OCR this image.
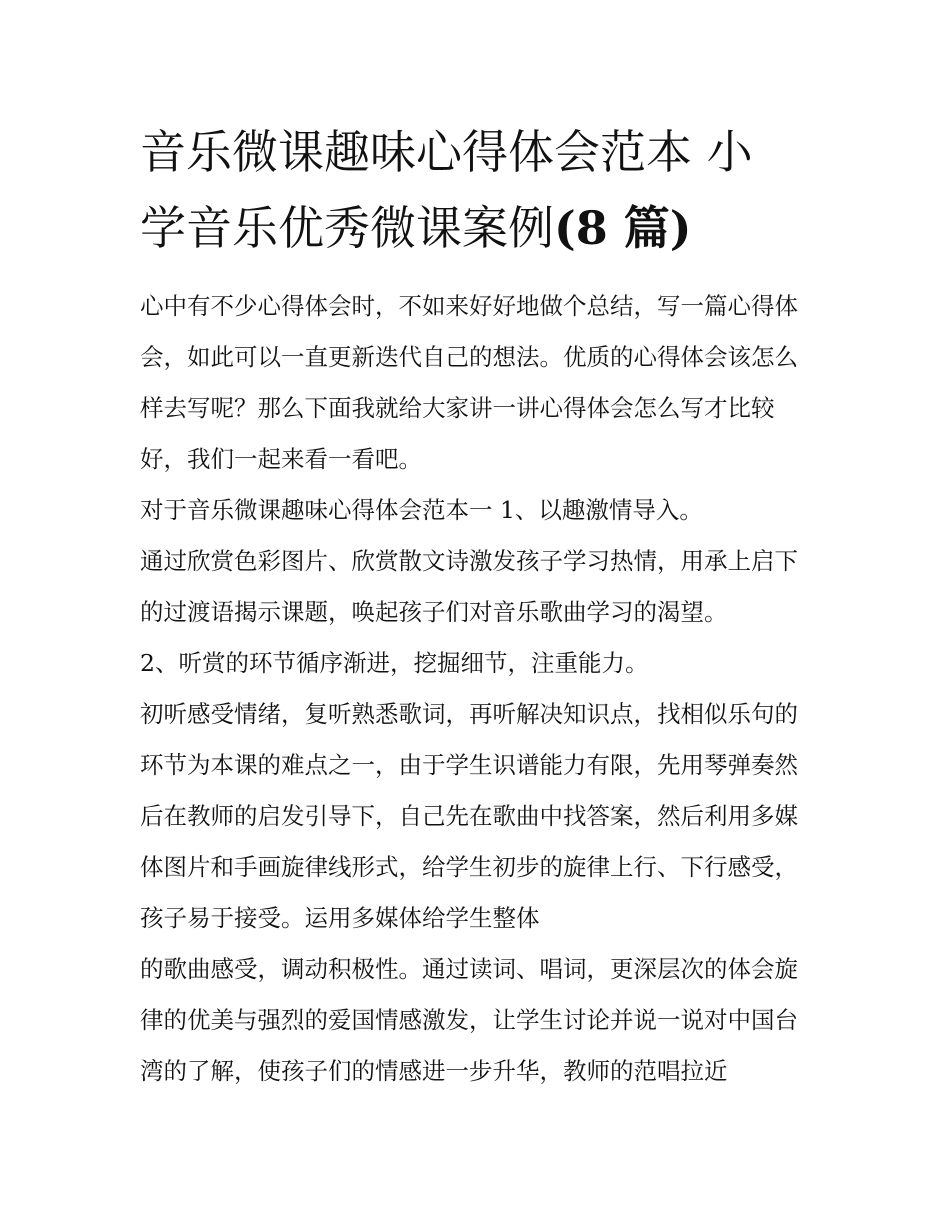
音乐微课趣味心得体会范本 小
学音乐优秀微课案例(8 篇)

心中有不少心得体会时，不如来好好地做个总结，写一篇心得体会，如此可以一直更新迭代自己的想法。优质的心得体会该怎么样去写呢？那么下面我就给大家讲一讲心得体会怎么写才比较好，我们一起来看一看吧。

对于音乐微课趣味心得体会范本一 1、以趣激情导入。

通过欣赏色彩图片、欣赏散文诗激发孩子学习热情，用承上启下的过渡语揭示课题，唤起孩子们对音乐歌曲学习的渴望。

2、听赏的环节循序渐进，挖掘细节，注重能力。

初听感受情绪，复听熟悉歌词，再听解决知识点，找相似乐句的环节为本课的难点之一，由于学生识谱能力有限，先用琴弹奏然后在教师的启发引导下，自己先在歌曲中找答案，然后利用多媒体图片和手画旋律线形式，给学生初步的旋律上行、下行感受，孩子易于接受。运用多媒体给学生整体

的歌曲感受，调动积极性。通过读词、唱词，更深层次的体会旋律的优美与强烈的爱国情感激发，让学生讨论并说一说对中国台湾的了解，使孩子们的情感进一步升华，教师的范唱拉近
